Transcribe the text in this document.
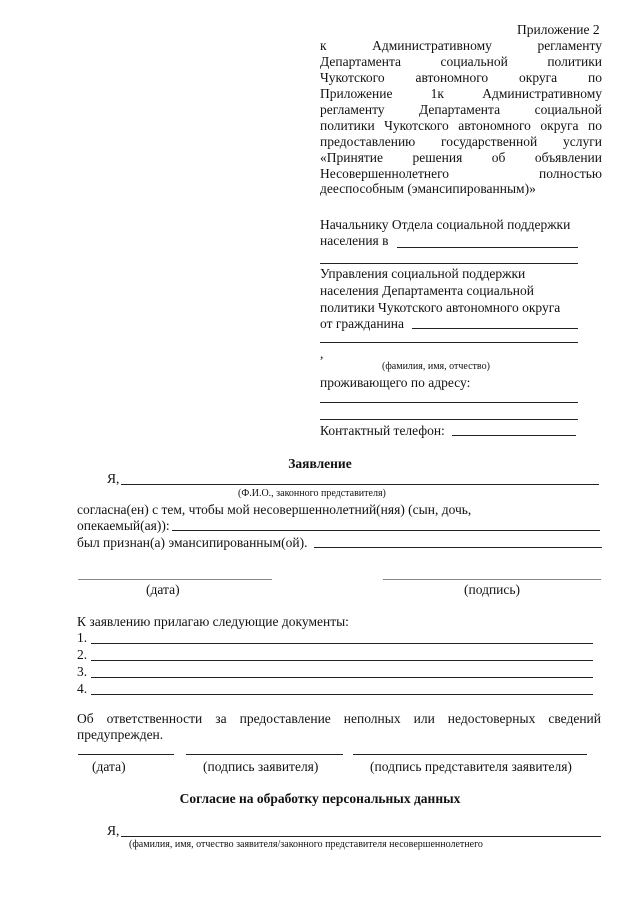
Приложение 2
к Административному регламенту
Департамента социальной политики
Чукотского автономного округа по
Приложение 1к Административному
регламенту Департамента социальной
политики Чукотского автономного округа по
предоставлению государственной услуги
«Принятие решения об объявлении
Несовершеннолетнего полностью
дееспособным (эмансипированным)»
Начальнику Отдела социальной поддержки
населения в
Управления социальной поддержки
населения Департамента социальной
политики Чукотского автономного округа
от гражданина
,
(фамилия, имя, отчество)
проживающего по адресу:
Контактный телефон:
Заявление
Я,
(Ф.И.О., законного представителя)
согласна(ен) с тем, чтобы мой несовершеннолетний(няя) (сын, дочь,
опекаемый(ая)):
был признан(а) эмансипированным(ой).
(дата)	(подпись)
К заявлению прилагаю следующие документы:
1.
2.
3.
4.
Об ответственности за предоставление неполных или недостоверных сведений
предупрежден.
(дата)	(подпись заявителя)	(подпись представителя заявителя)
Согласие на обработку персональных данных
Я,
(фамилия, имя, отчество заявителя/законного представителя несовершеннолетнего
